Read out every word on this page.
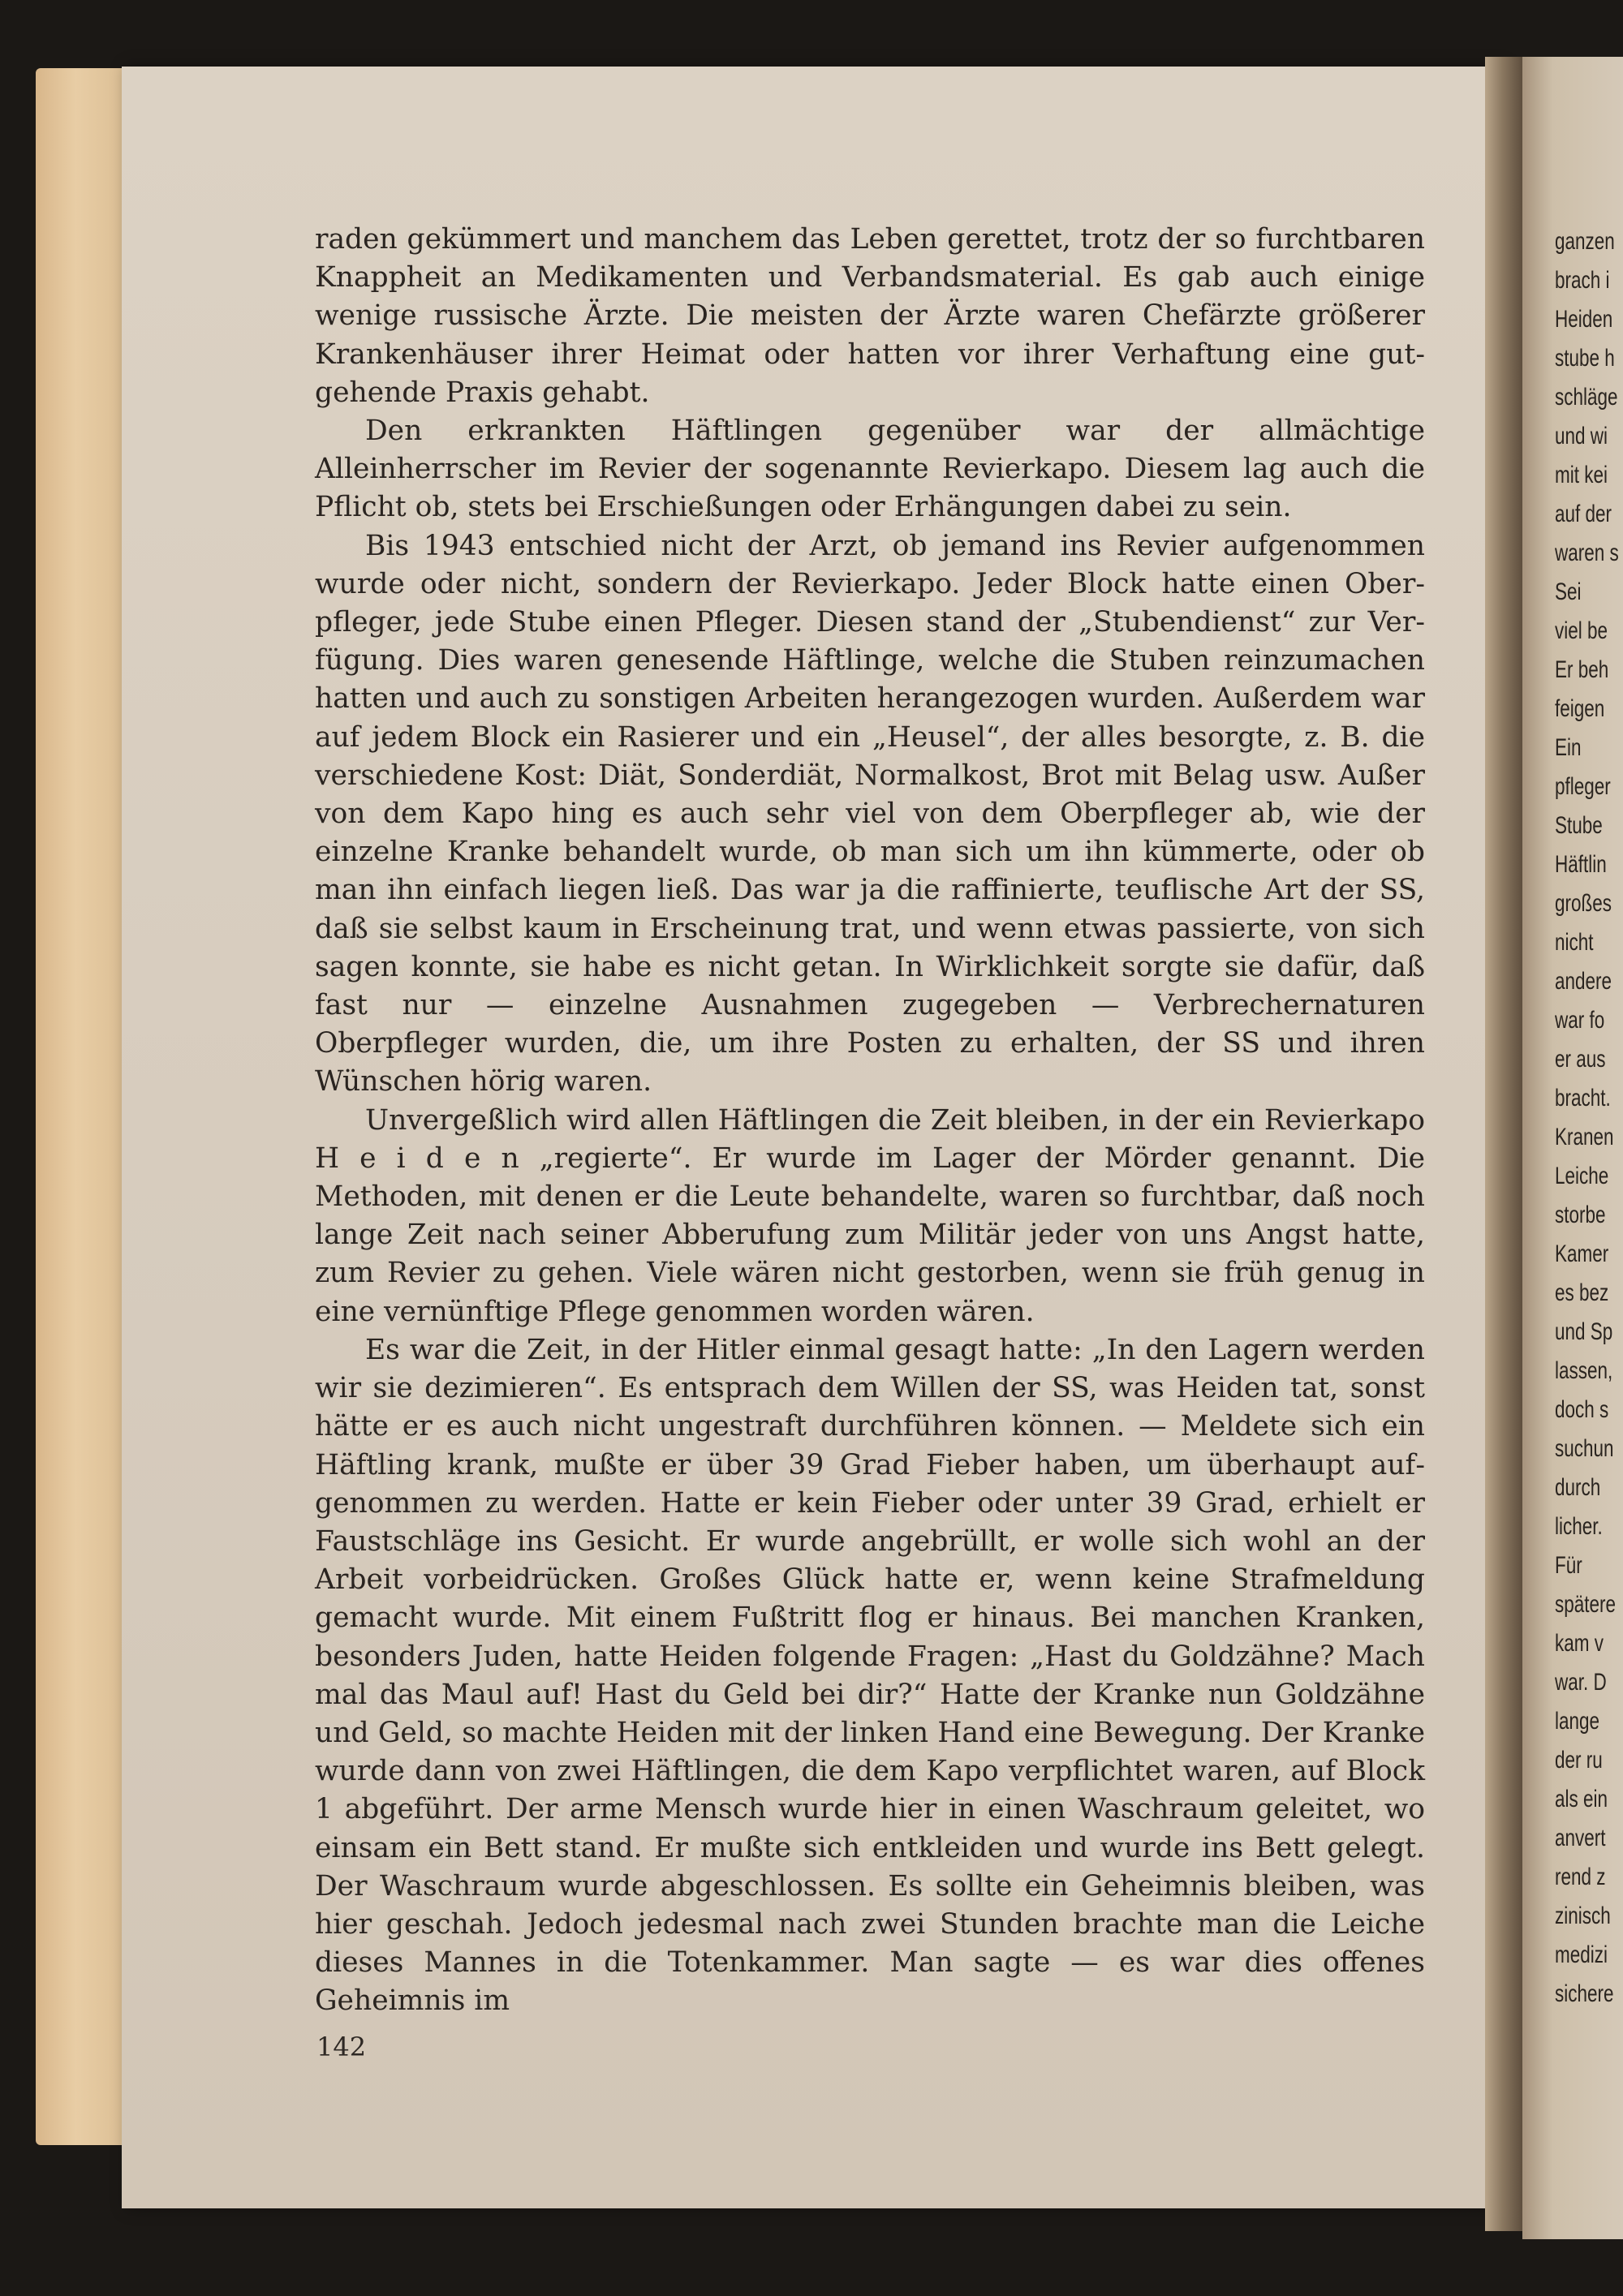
raden gekümmert und manchem das Leben gerettet, trotz der so furchtbaren Knappheit an Medikamenten und Verbandsmaterial. Es gab auch einige wenige russische Ärzte. Die meisten der Ärzte waren Chefärzte größerer Krankenhäuser ihrer Heimat oder hatten vor ihrer Verhaftung eine gutgehende Praxis gehabt.

Den erkrankten Häftlingen gegenüber war der allmächtige Alleinherrscher im Revier der sogenannte Revierkapo. Diesem lag auch die Pflicht ob, stets bei Erschießungen oder Erhängungen dabei zu sein.

Bis 1943 entschied nicht der Arzt, ob jemand ins Revier aufgenommen wurde oder nicht, sondern der Revierkapo. Jeder Block hatte einen Oberpfleger, jede Stube einen Pfleger. Diesen stand der „Stubendienst“ zur Verfügung. Dies waren genesende Häftlinge, welche die Stuben reinzumachen hatten und auch zu sonstigen Arbeiten herangezogen wurden. Außerdem war auf jedem Block ein Rasierer und ein „Heusel“, der alles besorgte, z. B. die verschiedene Kost: Diät, Sonderdiät, Normalkost, Brot mit Belag usw. Außer von dem Kapo hing es auch sehr viel von dem Oberpfleger ab, wie der einzelne Kranke behandelt wurde, ob man sich um ihn kümmerte, oder ob man ihn einfach liegen ließ. Das war ja die raffinierte, teuflische Art der SS, daß sie selbst kaum in Erscheinung trat, und wenn etwas passierte, von sich sagen konnte, sie habe es nicht getan. In Wirklichkeit sorgte sie dafür, daß fast nur — einzelne Ausnahmen zugegeben — Verbrechernaturen Oberpfleger wurden, die, um ihre Posten zu erhalten, der SS und ihren Wünschen hörig waren.

Unvergeßlich wird allen Häftlingen die Zeit bleiben, in der ein Revierkapo H e i d e n „regierte“. Er wurde im Lager der Mörder genannt. Die Methoden, mit denen er die Leute behandelte, waren so furchtbar, daß noch lange Zeit nach seiner Abberufung zum Militär jeder von uns Angst hatte, zum Revier zu gehen. Viele wären nicht gestorben, wenn sie früh genug in eine vernünftige Pflege genommen worden wären.

Es war die Zeit, in der Hitler einmal gesagt hatte: „In den Lagern werden wir sie dezimieren“. Es entsprach dem Willen der SS, was Heiden tat, sonst hätte er es auch nicht ungestraft durchführen können. — Meldete sich ein Häftling krank, mußte er über 39 Grad Fieber haben, um überhaupt aufgenommen zu werden. Hatte er kein Fieber oder unter 39 Grad, erhielt er Faustschläge ins Gesicht. Er wurde angebrüllt, er wolle sich wohl an der Arbeit vorbeidrücken. Großes Glück hatte er, wenn keine Strafmeldung gemacht wurde. Mit einem Fußtritt flog er hinaus. Bei manchen Kranken, besonders Juden, hatte Heiden folgende Fragen: „Hast du Goldzähne? Mach mal das Maul auf! Hast du Geld bei dir?“ Hatte der Kranke nun Goldzähne und Geld, so machte Heiden mit der linken Hand eine Bewegung. Der Kranke wurde dann von zwei Häftlingen, die dem Kapo verpflichtet waren, auf Block 1 abgeführt. Der arme Mensch wurde hier in einen Waschraum geleitet, wo einsam ein Bett stand. Er mußte sich entkleiden und wurde ins Bett gelegt. Der Waschraum wurde abgeschlossen. Es sollte ein Geheimnis bleiben, was hier geschah. Jedoch jedesmal nach zwei Stunden brachte man die Leiche dieses Mannes in die Totenkammer. Man sagte — es war dies offenes Geheimnis im

142
ganzen
brach i
Heiden
stube h
schläge
und wi
mit kei
auf der
waren s
Sei
viel be
Er beh
feigen
Ein
pfleger
Stube
Häftlin
großes
nicht
andere
war fo
er aus
bracht.
Kranen
Leiche
storbe
Kamer
es bez
und Sp
lassen,
doch s
suchun
durch
licher.
Für
spätere
kam v
war. D
lange
der ru
als ein
anvert
rend z
zinisch
medizi
sichere
